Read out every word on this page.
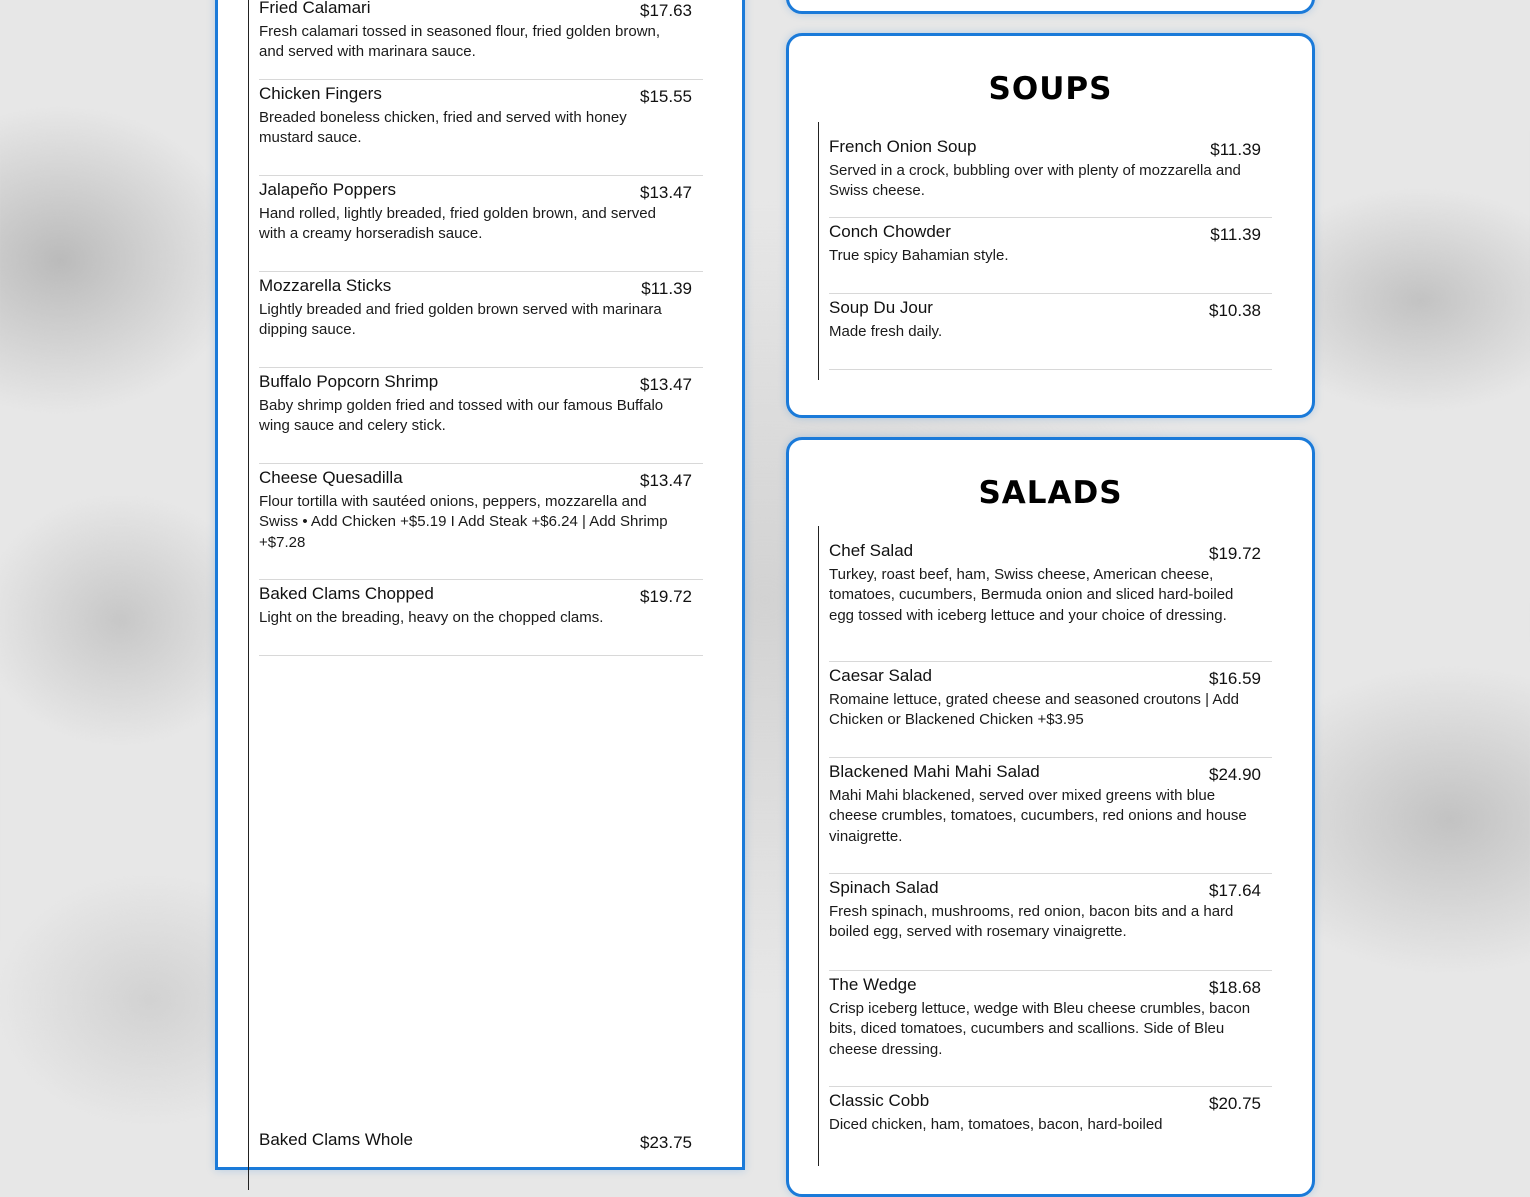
Fried Calamari	$17.63
Fresh calamari tossed in seasoned flour, fried golden brown, and served with marinara sauce.
Chicken Fingers	$15.55
Breaded boneless chicken, fried and served with honey mustard sauce.
Jalapeño Poppers	$13.47
Hand rolled, lightly breaded, fried golden brown, and served with a creamy horseradish sauce.
Mozzarella Sticks	$11.39
Lightly breaded and fried golden brown served with marinara dipping sauce.
Buffalo Popcorn Shrimp	$13.47
Baby shrimp golden fried and tossed with our famous Buffalo wing sauce and celery stick.
Cheese Quesadilla	$13.47
Flour tortilla with sautéed onions, peppers, mozzarella and Swiss • Add Chicken +$5.19 I Add Steak +$6.24 | Add Shrimp +$7.28
Baked Clams Chopped	$19.72
Light on the breading, heavy on the chopped clams.
Baked Clams Whole	$23.75
SOUPS
French Onion Soup	$11.39
Served in a crock, bubbling over with plenty of mozzarella and Swiss cheese.
Conch Chowder	$11.39
True spicy Bahamian style.
Soup Du Jour	$10.38
Made fresh daily.
SALADS
Chef Salad	$19.72
Turkey, roast beef, ham, Swiss cheese, American cheese, tomatoes, cucumbers, Bermuda onion and sliced hard-boiled egg tossed with iceberg lettuce and your choice of dressing.
Caesar Salad	$16.59
Romaine lettuce, grated cheese and seasoned croutons | Add Chicken or Blackened Chicken +$3.95
Blackened Mahi Mahi Salad	$24.90
Mahi Mahi blackened, served over mixed greens with blue cheese crumbles, tomatoes, cucumbers, red onions and house vinaigrette.
Spinach Salad	$17.64
Fresh spinach, mushrooms, red onion, bacon bits and a hard boiled egg, served with rosemary vinaigrette.
The Wedge	$18.68
Crisp iceberg lettuce, wedge with Bleu cheese crumbles, bacon bits, diced tomatoes, cucumbers and scallions. Side of Bleu cheese dressing.
Classic Cobb	$20.75
Diced chicken, ham, tomatoes, bacon, hard-boiled
